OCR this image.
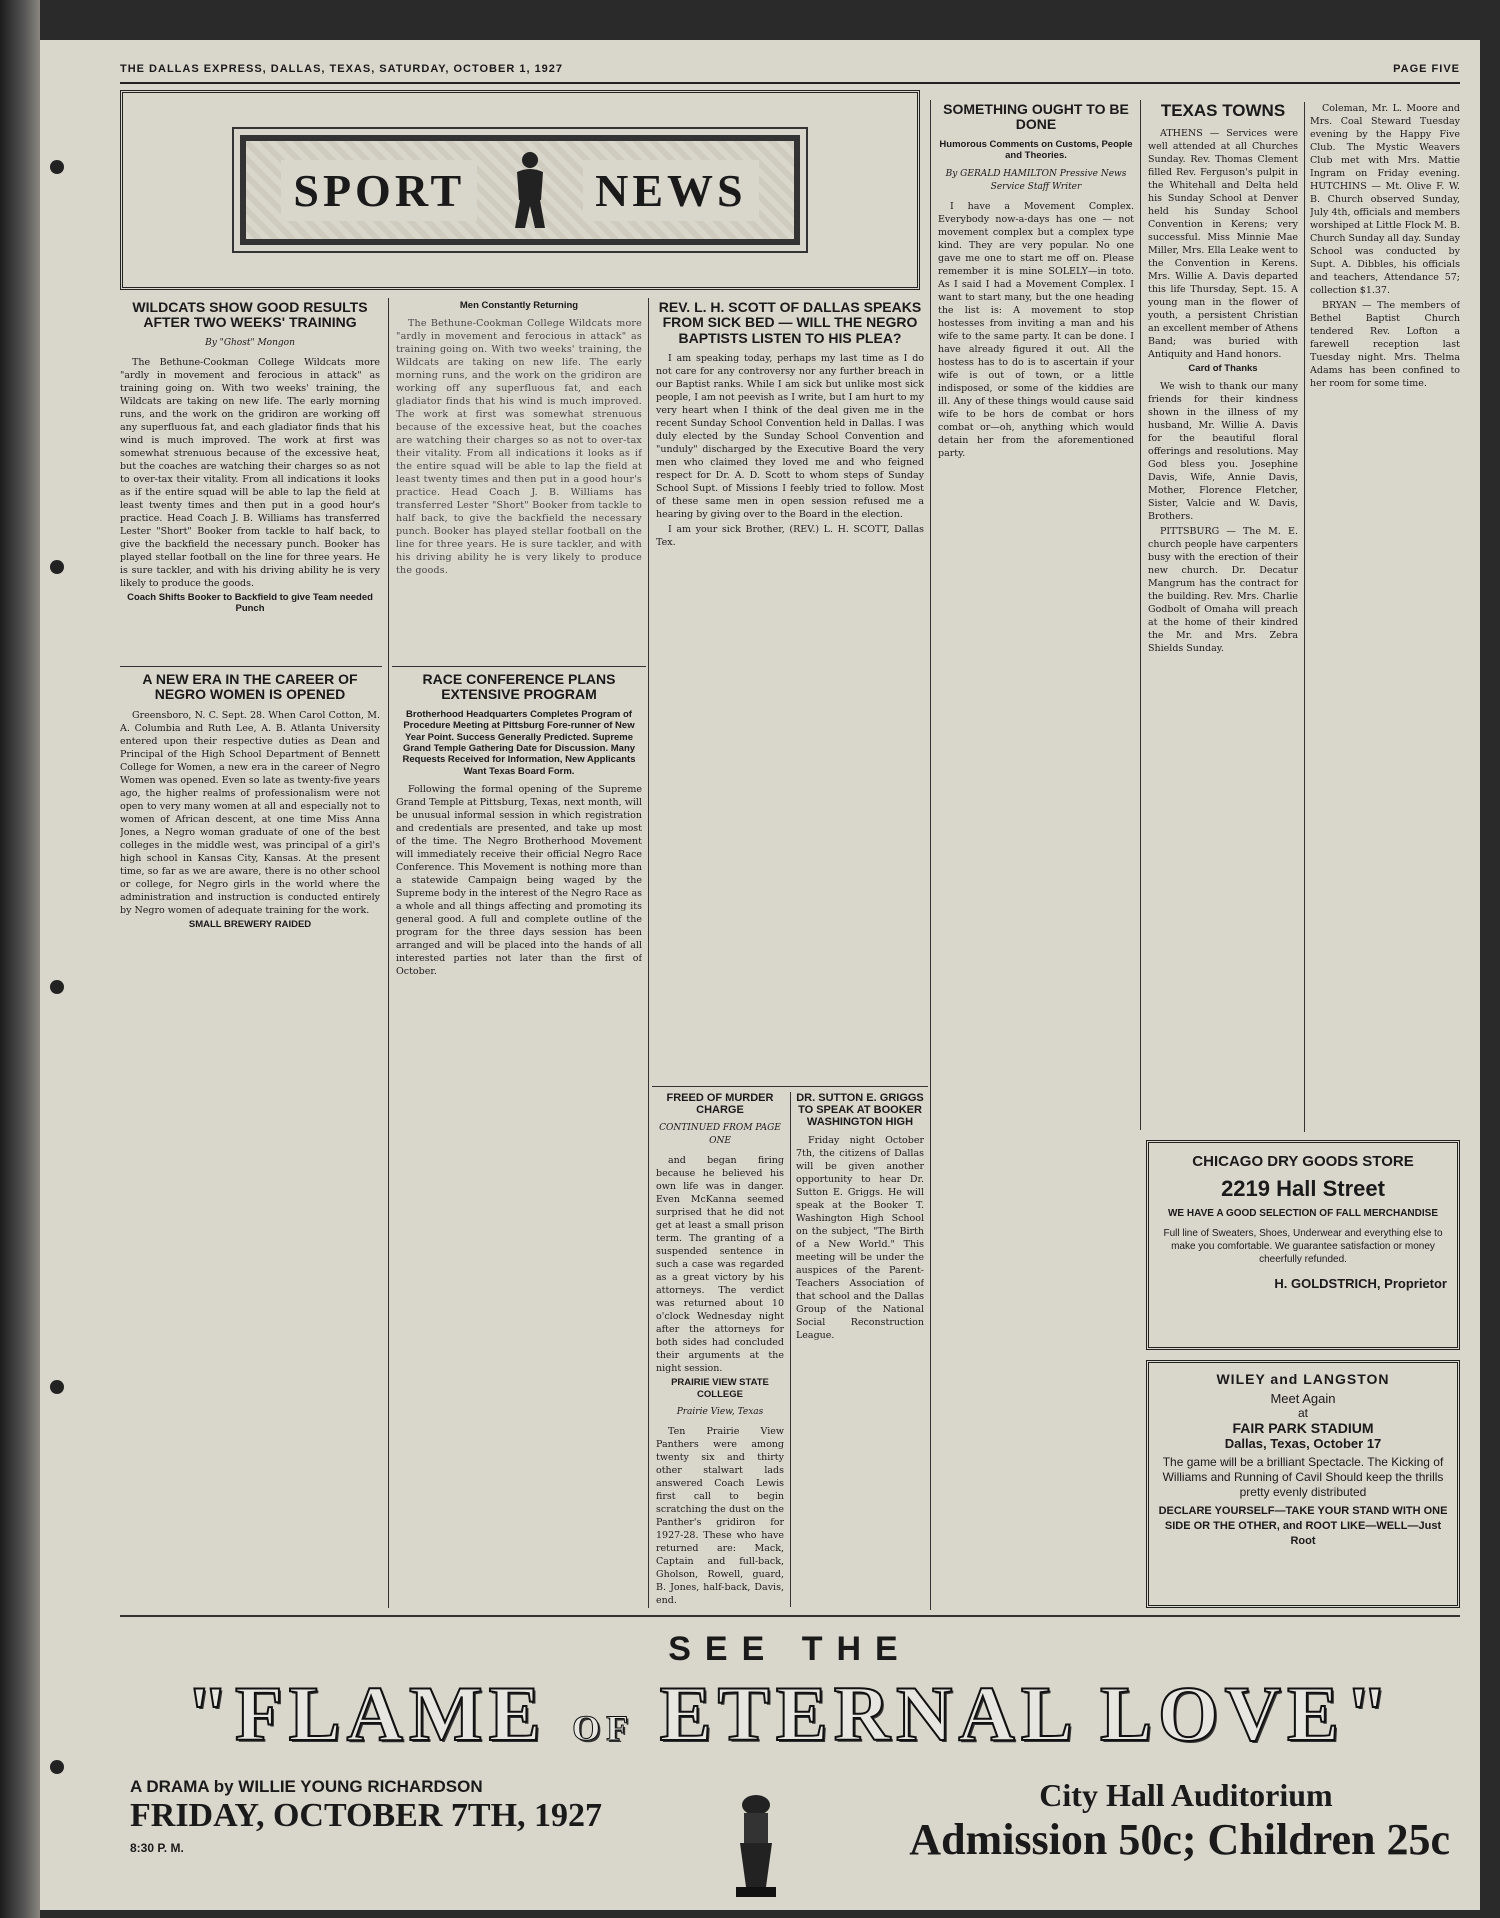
THE DALLAS EXPRESS, DALLAS, TEXAS, SATURDAY, OCTOBER 1, 1927	PAGE FIVE
SPORT	NEWS
WILDCATS SHOW GOOD RESULTS AFTER TWO WEEKS' TRAINING
By "Ghost" Mongon

The Bethune-Cookman College Wildcats more "ardly in movement and ferocious in attack" as training going on. With two weeks' training, the Wildcats are taking on new life. The early morning runs, and the work on the gridiron are working off any superfluous fat, and each gladiator finds that his wind is much improved. The work at first was somewhat strenuous because of the excessive heat, but the coaches are watching their charges so as not to over-tax their vitality. From all indications it looks as if the entire squad will be able to lap the field at least twenty times and then put in a good hour's practice. Head Coach J. B. Williams has transferred Lester "Short" Booker from tackle to half back, to give the backfield the necessary punch. Booker has played stellar football on the line for three years. He is sure tackler, and with his driving ability he is very likely to produce the goods.

Coach Shifts Booker to Backfield to give Team needed Punch
A NEW ERA IN THE CAREER OF NEGRO WOMEN IS OPENED

Greensboro, N. C. Sept. 28. When Carol Cotton, M. A. Columbia and Ruth Lee, A. B. Atlanta University entered upon their respective duties as Dean and Principal of the High School Department of Bennett College for Women, a new era in the career of Negro Women was opened. Even so late as twenty-five years ago, the higher realms of professionalism were not open to very many women at all and especially not to women of African descent, at one time Miss Anna Jones, a Negro woman graduate of one of the best colleges in the middle west, was principal of a girl's high school in Kansas City, Kansas. At the present time, so far as we are aware, there is no other school or college, for Negro girls in the world where the administration and instruction is conducted entirely by Negro women of adequate training for the work.

SMALL BREWERY RAIDED
Men Constantly Returning

The Bethune-Cookman College Wildcats more "ardly in movement and ferocious in attack" as training going on. With two weeks' training, the Wildcats are taking on new life. The early morning runs, and the work on the gridiron are working off any superfluous fat, and each gladiator finds that his wind is much improved. The work at first was somewhat strenuous because of the excessive heat, but the coaches are watching their charges so as not to over-tax their vitality. From all indications it looks as if the entire squad will be able to lap the field at least twenty times and then put in a good hour's practice. Head Coach J. B. Williams has transferred Lester "Short" Booker from tackle to half back, to give the backfield the necessary punch. Booker has played stellar football on the line for three years. He is sure tackler, and with his driving ability he is very likely to produce the goods.

RACE CONFERENCE PLANS EXTENSIVE PROGRAM
Brotherhood Headquarters Completes Program of Procedure Meeting at Pittsburg Fore-runner of New Year Point. Success Generally Predicted. Supreme Grand Temple Gathering Date for Discussion. Many Requests Received for Information, New Applicants Want Texas Board Form.

Following the formal opening of the Supreme Grand Temple at Pittsburg, Texas, next month, will be unusual informal session in which registration and credentials are presented, and take up most of the time. The Negro Brotherhood Movement will immediately receive their official Negro Race Conference. This Movement is nothing more than a statewide Campaign being waged by the Supreme body in the interest of the Negro Race as a whole and all things affecting and promoting its general good. A full and complete outline of the program for the three days session has been arranged and will be placed into the hands of all interested parties not later than the first of October.

REV. L. H. SCOTT OF DALLAS SPEAKS FROM SICK BED — WILL THE NEGRO BAPTISTS LISTEN TO HIS PLEA?

I am speaking today, perhaps my last time as I do not care for any controversy nor any further breach in our Baptist ranks. While I am sick but unlike most sick people, I am not peevish as I write, but I am hurt to my very heart when I think of the deal given me in the recent Sunday School Convention held in Dallas. I was duly elected by the Sunday School Convention and "unduly" discharged by the Executive Board the very men who claimed they loved me and who feigned respect for Dr. A. D. Scott to whom steps of Sunday School Supt. of Missions I feebly tried to follow. Most of these same men in open session refused me a hearing by giving over to the Board in the election.

I am your sick Brother, (REV.) L. H. SCOTT, Dallas Tex.

FREED OF MURDER CHARGE
CONTINUED FROM PAGE ONE

and began firing because he believed his own life was in danger. Even McKanna seemed surprised that he did not get at least a small prison term. The granting of a suspended sentence in such a case was regarded as a great victory by his attorneys. The verdict was returned about 10 o'clock Wednesday night after the attorneys for both sides had concluded their arguments at the night session.

PRAIRIE VIEW STATE COLLEGE
Prairie View, Texas

Ten Prairie View Panthers were among twenty six and thirty other stalwart lads answered Coach Lewis first call to begin scratching the dust on the Panther's gridiron for 1927-28. These who have returned are: Mack, Captain and full-back, Gholson, Rowell, guard, B. Jones, half-back, Davis, end.

DR. SUTTON E. GRIGGS TO SPEAK AT BOOKER WASHINGTON HIGH

Friday night October 7th, the citizens of Dallas will be given another opportunity to hear Dr. Sutton E. Griggs. He will speak at the Booker T. Washington High School on the subject, "The Birth of a New World." This meeting will be under the auspices of the Parent-Teachers Association of that school and the Dallas Group of the National Social Reconstruction League.

SOMETHING OUGHT TO BE DONE
Humorous Comments on Customs, People and Theories.
By GERALD HAMILTON Pressive News Service Staff Writer

I have a Movement Complex. Everybody now-a-days has one — not movement complex but a complex type kind. They are very popular. No one gave me one to start me off on. Please remember it is mine SOLELY—in toto. As I said I had a Movement Complex. I want to start many, but the one heading the list is: A movement to stop hostesses from inviting a man and his wife to the same party. It can be done. I have already figured it out. All the hostess has to do is to ascertain if your wife is out of town, or a little indisposed, or some of the kiddies are ill. Any of these things would cause said wife to be hors de combat or hors combat or—oh, anything which would detain her from the aforementioned party.

TEXAS TOWNS

ATHENS — Services were well attended at all Churches Sunday. Rev. Thomas Clement filled Rev. Ferguson's pulpit in the Whitehall and Delta held his Sunday School at Denver held his Sunday School Convention in Kerens; very successful. Miss Minnie Mae Miller, Mrs. Ella Leake went to the Convention in Kerens. Mrs. Willie A. Davis departed this life Thursday, Sept. 15. A young man in the flower of youth, a persistent Christian an excellent member of Athens Band; was buried with Antiquity and Hand honors.

Card of Thanks

We wish to thank our many friends for their kindness shown in the illness of my husband, Mr. Willie A. Davis for the beautiful floral offerings and resolutions. May God bless you. Josephine Davis, Wife, Annie Davis, Mother, Florence Fletcher, Sister, Valcie and W. Davis, Brothers.

PITTSBURG — The M. E. church people have carpenters busy with the erection of their new church. Dr. Decatur Mangrum has the contract for the building. Rev. Mrs. Charlie Godbolt of Omaha will preach at the home of their kindred the Mr. and Mrs. Zebra Shields Sunday.

Coleman, Mr. L. Moore and Mrs. Coal Steward Tuesday evening by the Happy Five Club. The Mystic Weavers Club met with Mrs. Mattie Ingram on Friday evening. HUTCHINS — Mt. Olive F. W. B. Church observed Sunday, July 4th, officials and members worshiped at Little Flock M. B. Church Sunday all day. Sunday School was conducted by Supt. A. Dibbles, his officials and teachers, Attendance 57; collection $1.37.

BRYAN — The members of Bethel Baptist Church tendered Rev. Lofton a farewell reception last Tuesday night. Mrs. Thelma Adams has been confined to her room for some time.

CHICAGO DRY GOODS STORE
2219 Hall Street
WE HAVE A GOOD SELECTION OF FALL MERCHANDISE
Full line of Sweaters, Shoes, Underwear and everything else to make you comfortable. We guarantee satisfaction or money cheerfully refunded.
H. GOLDSTRICH, Proprietor
WILEY and LANGSTON
Meet Again
at
FAIR PARK STADIUM
Dallas, Texas, October 17
The game will be a brilliant Spectacle. The Kicking of Williams and Running of Cavil Should keep the thrills pretty evenly distributed
DECLARE YOURSELF—TAKE YOUR STAND WITH ONE SIDE OR THE OTHER, and ROOT LIKE—WELL—Just Root
SEE THE
"FLAME OF ETERNAL LOVE"
A DRAMA by WILLIE YOUNG RICHARDSON
FRIDAY, OCTOBER 7TH, 1927
8:30 P. M.
City Hall Auditorium
Admission 50c; Children 25c
